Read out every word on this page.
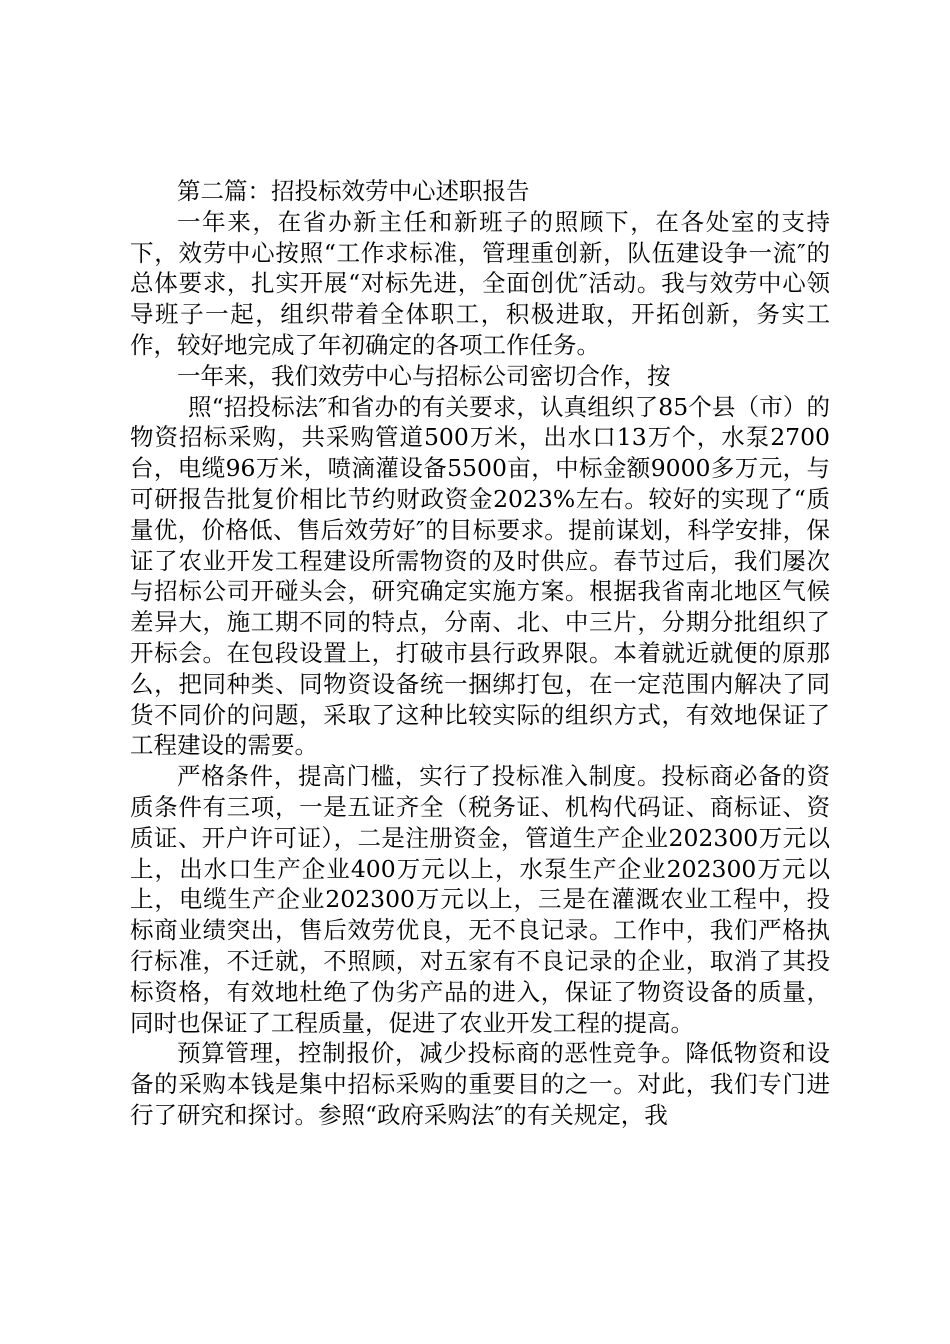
第二篇：招投标效劳中心述职报告

一年来，在省办新主任和新班子的照顾下，在各处室的支持下，效劳中心按照“工作求标准，管理重创新，队伍建设争一流″的总体要求，扎实开展“对标先进，全面创优″活动。我与效劳中心领导班子一起，组织带着全体职工，积极进取，开拓创新，务实工作，较好地完成了年初确定的各项工作任务。

一年来，我们效劳中心与招标公司密切合作，按

照“招投标法″和省办的有关要求，认真组织了85个县（市）的物资招标采购，共采购管道500万米，出水口13万个，水泵2700台，电缆96万米，喷滴灌设备5500亩，中标金额9000多万元，与可研报告批复价相比节约财政资金2023%左右。较好的实现了“质量优，价格低、售后效劳好″的目标要求。提前谋划，科学安排，保证了农业开发工程建设所需物资的及时供应。春节过后，我们屡次与招标公司开碰头会，研究确定实施方案。根据我省南北地区气候差异大，施工期不同的特点，分南、北、中三片，分期分批组织了开标会。在包段设置上，打破市县行政界限。本着就近就便的原那么，把同种类、同物资设备统一捆绑打包，在一定范围内解决了同货不同价的问题，采取了这种比较实际的组织方式，有效地保证了工程建设的需要。

严格条件，提高门槛，实行了投标准入制度。投标商必备的资质条件有三项，一是五证齐全（税务证、机构代码证、商标证、资质证、开户许可证），二是注册资金，管道生产企业202300万元以上，出水口生产企业400万元以上，水泵生产企业202300万元以上，电缆生产企业202300万元以上，三是在灌溉农业工程中，投标商业绩突出，售后效劳优良，无不良记录。工作中，我们严格执行标准，不迁就，不照顾，对五家有不良记录的企业，取消了其投标资格，有效地杜绝了伪劣产品的进入，保证了物资设备的质量，同时也保证了工程质量，促进了农业开发工程的提高。

预算管理，控制报价，减少投标商的恶性竞争。降低物资和设备的采购本钱是集中招标采购的重要目的之一。对此，我们专门进行了研究和探讨。参照“政府采购法″的有关规定，我
